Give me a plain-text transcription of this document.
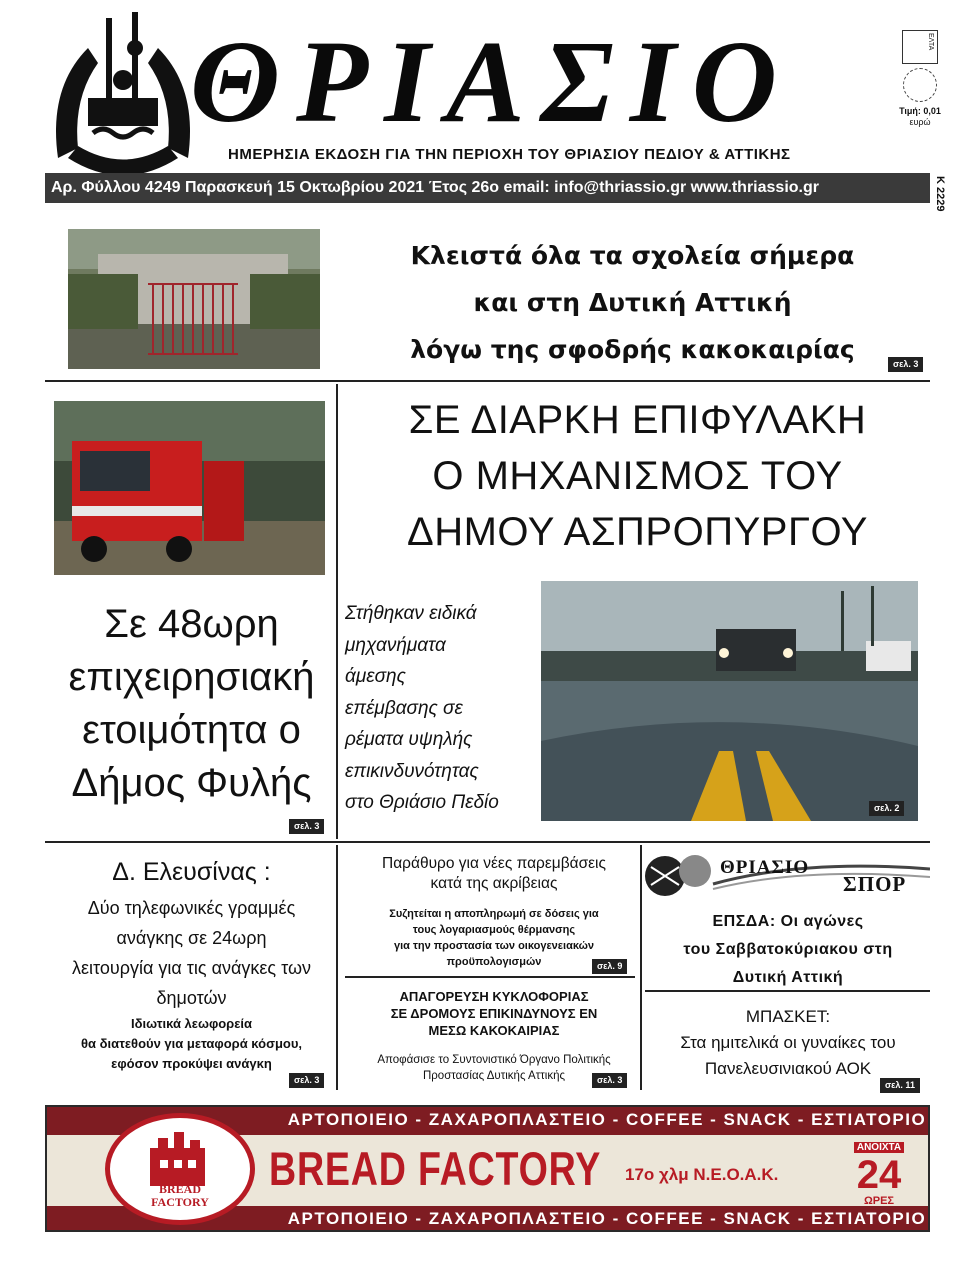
ΘΡΙΑΣΙΟ	ΕΛΤΑ
Τιμή: 0,01
ευρώ
ΗΜΕΡΗΣΙΑ ΕΚΔΟΣΗ ΓΙΑ ΤΗΝ ΠΕΡΙΟΧΗ ΤΟΥ ΘΡΙΑΣΙΟΥ ΠΕΔΙΟΥ & ΑΤΤΙΚΗΣ
Αρ. Φύλλου 4249 Παρασκευή 15 Οκτωβρίου 2021 Έτος 26ο email: info@thriassio.gr www.thriassio.gr	Κ 2229
Κλειστά όλα τα σχολεία σήμερα
και στη Δυτική Αττική
λόγω της σφοδρής κακοκαιρίας	σελ. 3
Σε 48ωρη
επιχειρησιακή
ετοιμότητα ο
Δήμος Φυλής
σελ. 3
ΣΕ ΔΙΑΡΚΗ ΕΠΙΦΥΛΑΚΗ
Ο ΜΗΧΑΝΙΣΜΟΣ ΤΟΥ
ΔΗΜΟΥ ΑΣΠΡΟΠΥΡΓΟΥ
Στήθηκαν ειδικά
μηχανήματα
άμεσης
επέμβασης σε
ρέματα υψηλής
επικινδυνότητας
στο Θριάσιο Πεδίο	σελ. 2
Δ. Ελευσίνας :
Δύο τηλεφωνικές γραμμές
ανάγκης σε 24ωρη
λειτουργία για τις ανάγκες των
δημοτών
Ιδιωτικά λεωφορεία
θα διατεθούν για μεταφορά κόσμου,
εφόσον προκύψει ανάγκη
σελ. 3
Παράθυρο για νέες παρεμβάσεις
κατά της ακρίβειας
Συζητείται η αποπληρωμή σε δόσεις για
τους λογαριασμούς θέρμανσης
για την προστασία των οικογενειακών
προϋπολογισμών	σελ. 9
ΑΠΑΓΟΡΕΥΣΗ ΚΥΚΛΟΦΟΡΙΑΣ
ΣΕ ΔΡΟΜΟΥΣ ΕΠΙΚΙΝΔΥΝΟΥΣ ΕΝ
ΜΕΣΩ ΚΑΚΟΚΑΙΡΙΑΣ
Αποφάσισε το Συντονιστικό Όργανο Πολιτικής
Προστασίας Δυτικής Αττικής	σελ. 3
ΘΡΙΑΣΙΟ
ΣΠΟΡ
ΕΠΣΔΑ: Οι αγώνες
του Σαββατοκύριακου στη
Δυτική Αττική
ΜΠΑΣΚΕΤ:
Στα ημιτελικά οι γυναίκες του
Πανελευσινιακού ΑΟΚ
σελ. 11
ΑΡΤΟΠΟΙΕΙΟ - ΖΑΧΑΡΟΠΛΑΣΤΕΙΟ - COFFEE - SNACK - ΕΣΤΙΑΤΟΡΙΟ
ΑΡΤΟΠΟΙΕΙΟ - ΖΑΧΑΡΟΠΛΑΣΤΕΙΟ - COFFEE - SNACK - ΕΣΤΙΑΤΟΡΙΟ
BREAD
FACTORY
BREAD FACTORY 17ο χλμ Ν.Ε.Ο.Α.Κ.
ΑΝΟΙΧΤΑ
24
ΩΡΕΣ
